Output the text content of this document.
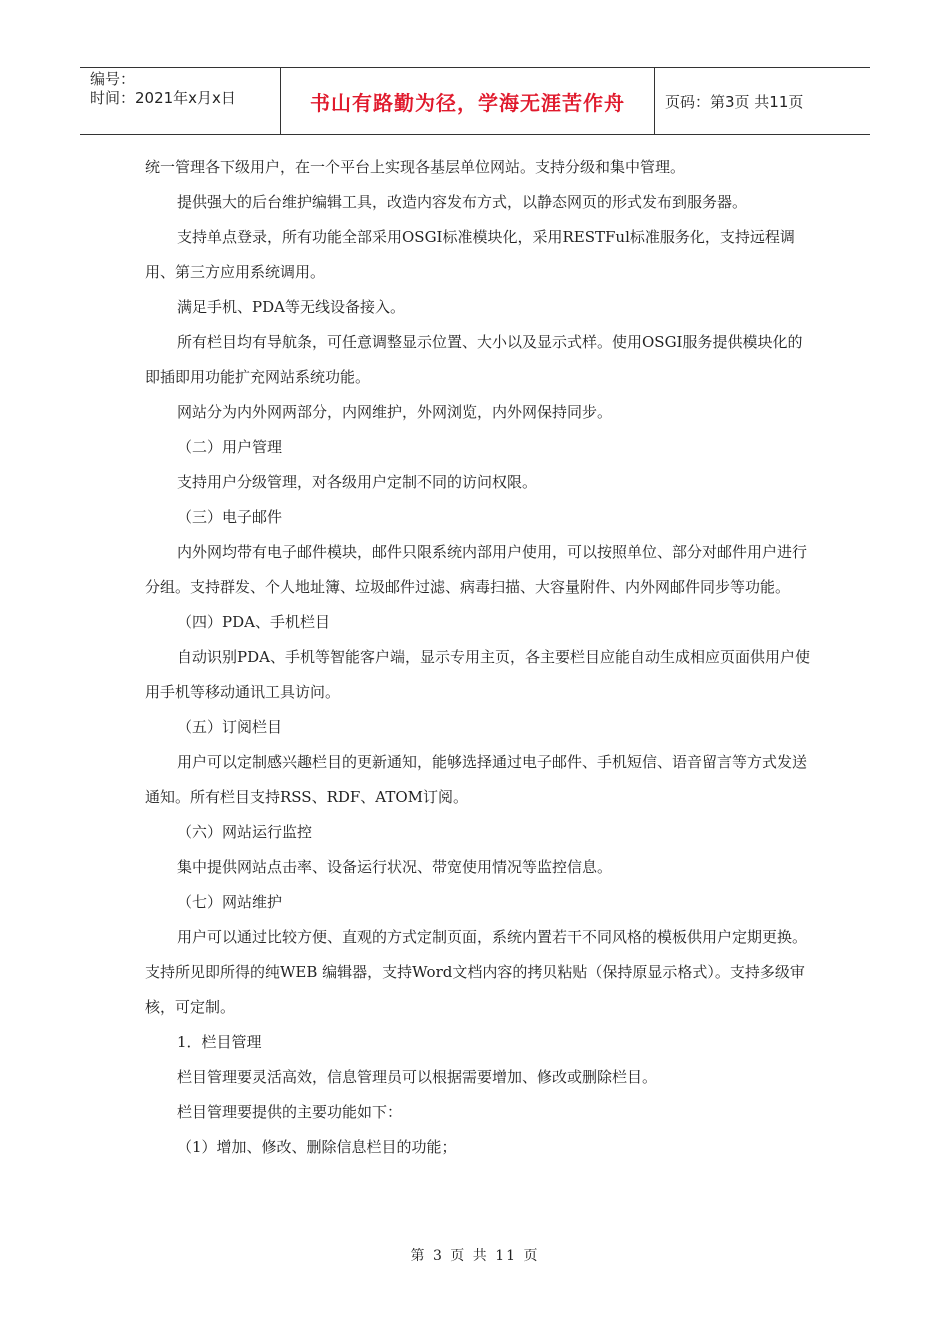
编号：
时间：2021年x月x日	书山有路勤为径，学海无涯苦作舟	页码：第3页 共11页

统一管理各下级用户，在一个平台上实现各基层单位网站。支持分级和集中管理。

提供强大的后台维护编辑工具，改造内容发布方式，以静态网页的形式发布到服务器。

支持单点登录，所有功能全部采用OSGI标准模块化，采用RESTFul标准服务化，支持远程调用、第三方应用系统调用。

满足手机、PDA等无线设备接入。

所有栏目均有导航条，可任意调整显示位置、大小以及显示式样。使用OSGI服务提供模块化的即插即用功能扩充网站系统功能。

网站分为内外网两部分，内网维护，外网浏览，内外网保持同步。

（二）用户管理

支持用户分级管理，对各级用户定制不同的访问权限。

（三）电子邮件

内外网均带有电子邮件模块，邮件只限系统内部用户使用，可以按照单位、部分对邮件用户进行分组。支持群发、个人地址簿、垃圾邮件过滤、病毒扫描、大容量附件、内外网邮件同步等功能。

（四）PDA、手机栏目

自动识别PDA、手机等智能客户端，显示专用主页，各主要栏目应能自动生成相应页面供用户使用手机等移动通讯工具访问。

（五）订阅栏目

用户可以定制感兴趣栏目的更新通知，能够选择通过电子邮件、手机短信、语音留言等方式发送通知。所有栏目支持RSS、RDF、ATOM订阅。

（六）网站运行监控

集中提供网站点击率、设备运行状况、带宽使用情况等监控信息。

（七）网站维护

用户可以通过比较方便、直观的方式定制页面，系统内置若干不同风格的模板供用户定期更换。支持所见即所得的纯WEB 编辑器，支持Word文档内容的拷贝粘贴（保持原显示格式）。支持多级审核，可定制。

1．栏目管理

栏目管理要灵活高效，信息管理员可以根据需要增加、修改或删除栏目。

栏目管理要提供的主要功能如下：

（1）增加、修改、删除信息栏目的功能；

第 3 页 共 11 页
